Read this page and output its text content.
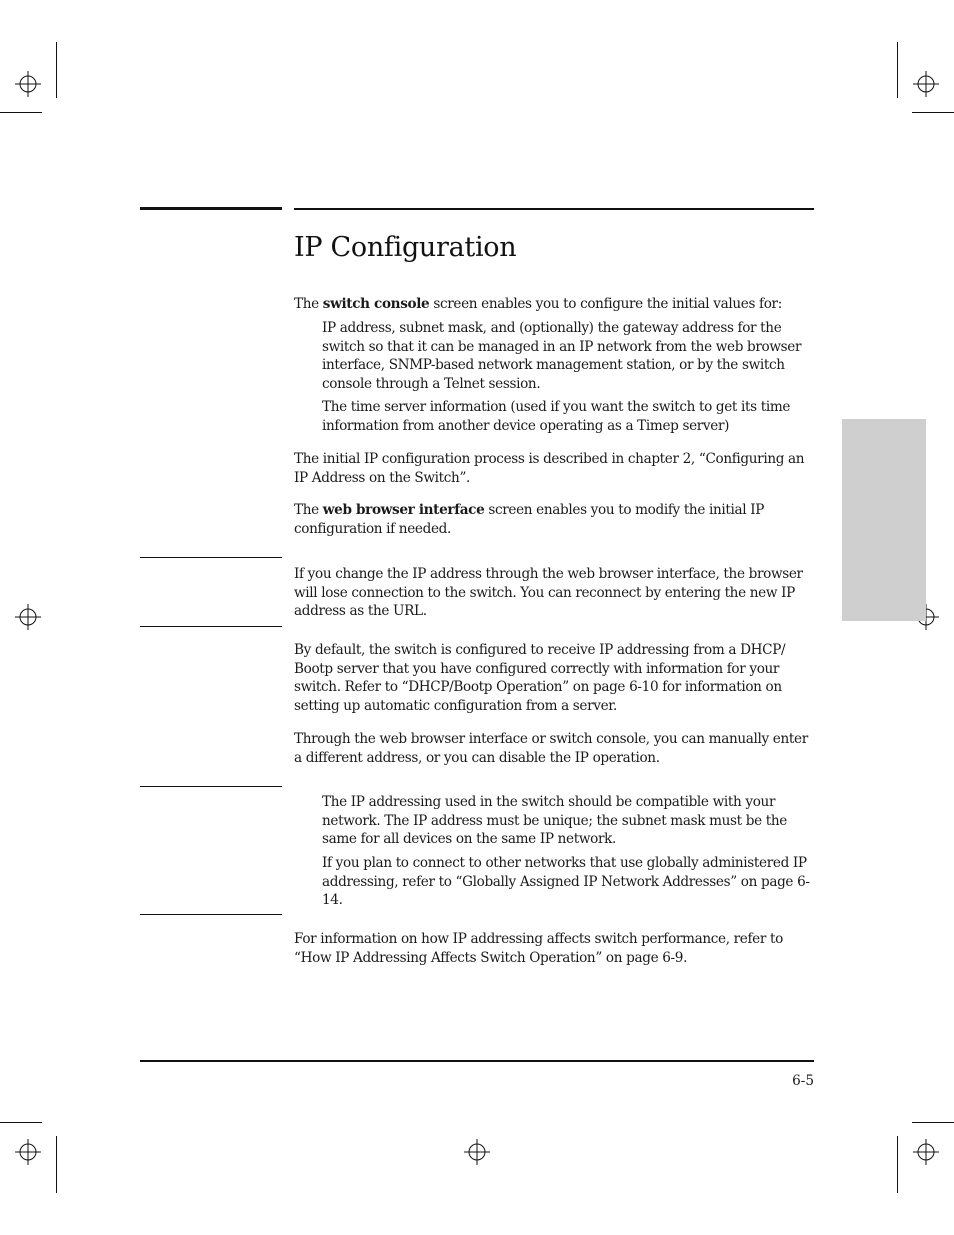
IP Configuration
The switch console screen enables you to configure the initial values for:
IP address, subnet mask, and (optionally) the gateway address for the switch so that it can be managed in an IP network from the web browser interface, SNMP-based network management station, or by the switch console through a Telnet session.
The time server information (used if you want the switch to get its time information from another device operating as a Timep server)
The initial IP configuration process is described in chapter 2, “Configuring an IP Address on the Switch”.
The web browser interface screen enables you to modify the initial IP configuration if needed.
If you change the IP address through the web browser interface, the browser will lose connection to the switch. You can reconnect by entering the new IP address as the URL.
By default, the switch is configured to receive IP addressing from a DHCP/ Bootp server that you have configured correctly with information for your switch. Refer to “DHCP/Bootp Operation” on page 6-10 for information on setting up automatic configuration from a server.
Through the web browser interface or switch console, you can manually enter a different address, or you can disable the IP operation.
The IP addressing used in the switch should be compatible with your network. The IP address must be unique; the subnet mask must be the same for all devices on the same IP network.
If you plan to connect to other networks that use globally administered IP addressing, refer to “Globally Assigned IP Network Addresses” on page 6-14.
For information on how IP addressing affects switch performance, refer to “How IP Addressing Affects Switch Operation” on page 6-9.
6-5
